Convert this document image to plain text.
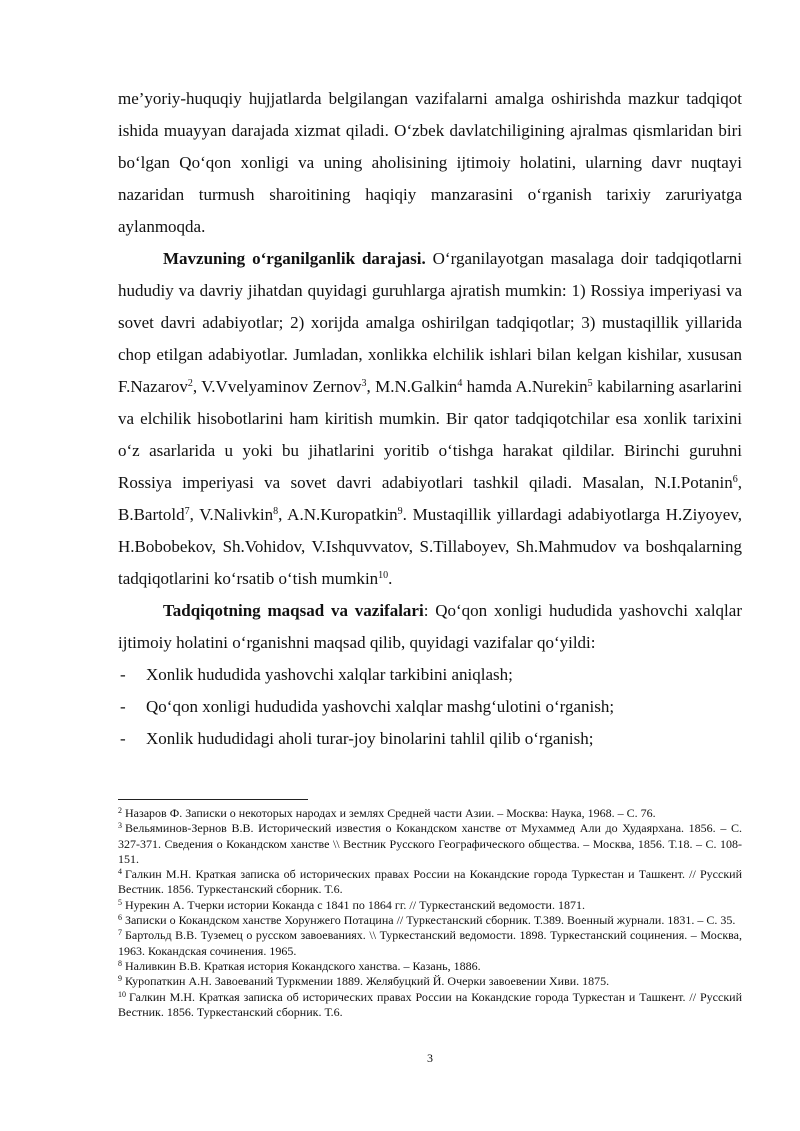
me’yoriy-huquqiy hujjatlarda belgilangan vazifalarni amalga oshirishda mazkur tadqiqot ishida muayyan darajada xizmat qiladi. O‘zbek davlatchiligining ajralmas qismlaridan biri bo‘lgan Qo‘qon xonligi va uning aholisining ijtimoiy holatini, ularning davr nuqtayi nazaridan turmush sharoitining haqiqiy manzarasini o‘rganish tarixiy zaruriyatga aylanmoqda.

Mavzuning o‘rganilganlik darajasi. O‘rganilayotgan masalaga doir tadqiqotlarni hududiy va davriy jihatdan quyidagi guruhlarga ajratish mumkin: 1) Rossiya imperiyasi va sovet davri adabiyotlar; 2) xorijda amalga oshirilgan tadqiqotlar; 3) mustaqillik yillarida chop etilgan adabiyotlar. Jumladan, xonlikka elchilik ishlari bilan kelgan kishilar, xususan F.Nazarov$^2$, V.Vvelyaminov Zernov$^3$, M.N.Galkin$^4$ hamda A.Nurekin$^5$ kabilarning asarlarini va elchilik hisobotlarini ham kiritish mumkin. Bir qator tadqiqotchilar esa xonlik tarixini o‘z asarlarida u yoki bu jihatlarini yoritib o‘tishga harakat qildilar. Birinchi guruhni Rossiya imperiyasi va sovet davri adabiyotlari tashkil qiladi. Masalan, N.I.Potanin$^6$, B.Bartold$^7$, V.Nalivkin$^8$, A.N.Kuropatkin$^9$. Mustaqillik yillardagi adabiyotlarga H.Ziyoyev, H.Bobobekov, Sh.Vohidov, V.Ishquvvatov, S.Tillaboyev, Sh.Mahmudov va boshqalarning tadqiqotlarini ko‘rsatib o‘tish mumkin$^{10}$.

Tadqiqotning maqsad va vazifalari: Qo‘qon xonligi hududida yashovchi xalqlar ijtimoiy holatini o‘rganishni maqsad qilib, quyidagi vazifalar qo‘yildi:

- Xonlik hududida yashovchi xalqlar tarkibini aniqlash;
- Qo‘qon xonligi hududida yashovchi xalqlar mashg‘ulotini o‘rganish;
- Xonlik hududidagi aholi turar-joy binolarini tahlil qilib o‘rganish;

$^2$ Назаров Ф. Записки о некоторых народах и землях Средней части Азии. – Москва: Наука, 1968. – С. 76.

$^3$ Вельяминов-Зернов В.В. Исторический известия о Кокандском ханстве от Мухаммед Али до Худаярхана. 1856. – С. 327-371. Сведения о Кокандском ханстве \\ Вестник Русского Географического общества. – Москва, 1856. Т.18. – С. 108-151.

$^4$ Галкин М.Н. Краткая записка об исторических правах России на Кокандские города Туркестан и Ташкент. // Русский Вестник. 1856. Туркестанский сборник. Т.6.

$^5$ Нурекин А. Тчерки истории Коканда с 1841 по 1864 гг. // Туркестанский ведомости. 1871.

$^6$ Записки о Кокандском ханстве Хорунжего Потацина // Туркестанский сборник. Т.389. Военный журнали. 1831. – С. 35.

$^7$ Бартольд В.В. Туземец о русском завоеваниях. \\ Туркестанский ведомости. 1898. Туркестанский социнения. – Москва, 1963. Кокандская сочинения. 1965.

$^8$ Наливкин В.В. Краткая история Кокандского ханства. – Казань, 1886.

$^9$ Куропаткин А.Н. Завоеваний Туркмении 1889. Желябуцкий Й. Очерки завоевении Хиви. 1875.

$^{10}$ Галкин М.Н. Краткая записка об исторических правах России на Кокандские города Туркестан и Ташкент. // Русский Вестник. 1856. Туркестанский сборник. Т.6.

3
